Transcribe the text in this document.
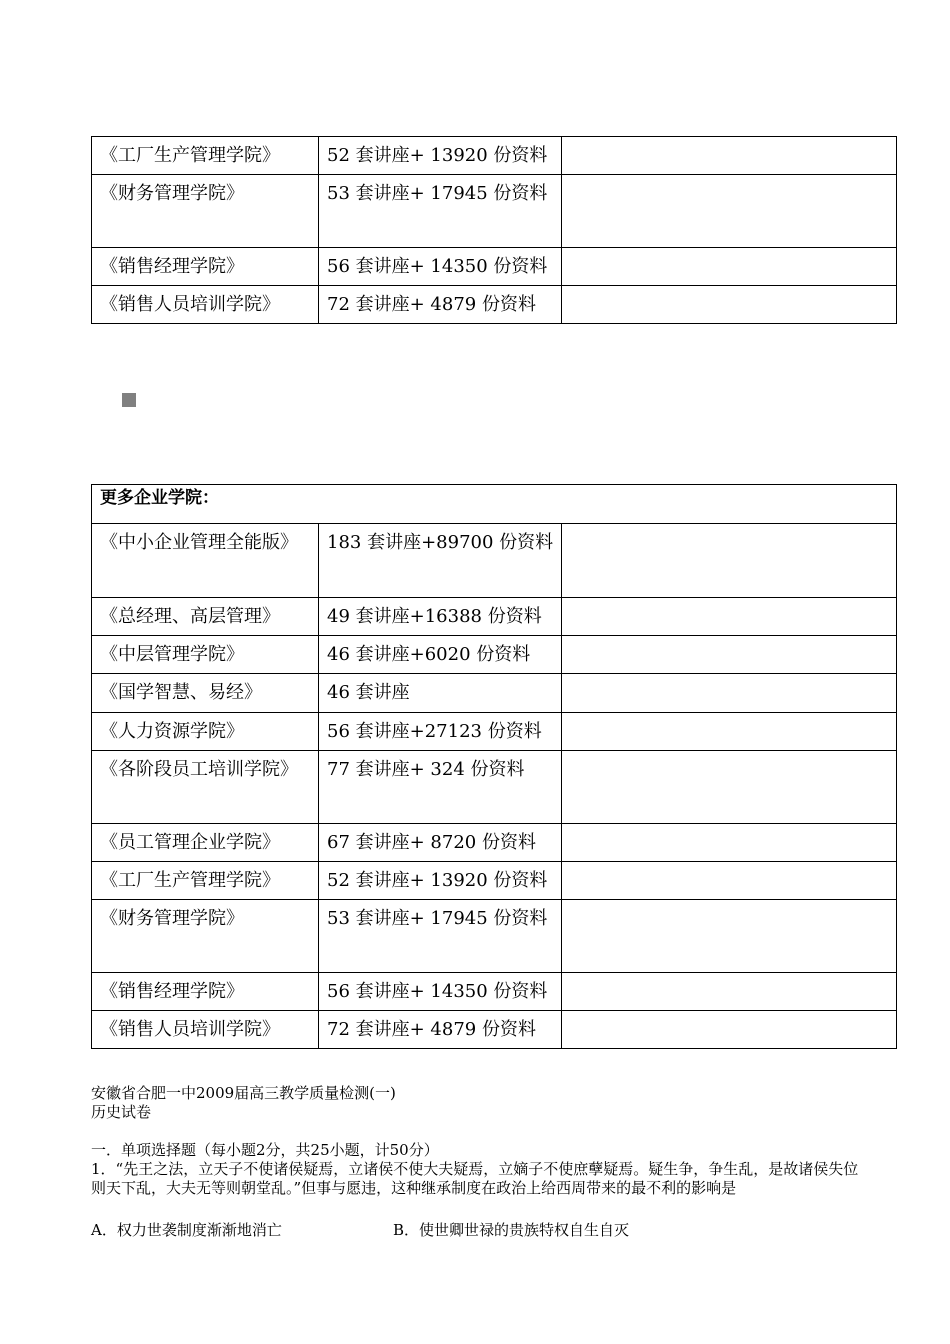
《工厂生产管理学院》	52 套讲座+ 13920 份资料	
《财务管理学院》	53 套讲座+ 17945 份资料	
《销售经理学院》	56 套讲座+ 14350 份资料	
《销售人员培训学院》	72 套讲座+ 4879 份资料	
更多企业学院：		
《中小企业管理全能版》	183 套讲座+89700 份资料	
《总经理、高层管理》	49 套讲座+16388 份资料	
《中层管理学院》	46 套讲座+6020 份资料	
《国学智慧、易经》	46 套讲座	
《人力资源学院》	56 套讲座+27123 份资料	
《各阶段员工培训学院》	77 套讲座+ 324 份资料	
《员工管理企业学院》	67 套讲座+ 8720 份资料	
《工厂生产管理学院》	52 套讲座+ 13920 份资料	
《财务管理学院》	53 套讲座+ 17945 份资料	
《销售经理学院》	56 套讲座+ 14350 份资料	
《销售人员培训学院》	72 套讲座+ 4879 份资料	
安徽省合肥一中2009届高三教学质量检测(一)
历史试卷
一．单项选择题（每小题2分，共25小题，计50分）
1．“先王之法，立天子不使诸侯疑焉，立诸侯不使大夫疑焉，立嫡子不使庶孽疑焉。疑生争，争生乱，是故诸侯失位则天下乱，大夫无等则朝堂乱。”但事与愿违，这种继承制度在政治上给西周带来的最不利的影响是
A．权力世袭制度渐渐地消亡	B．使世卿世禄的贵族特权自生自灭
